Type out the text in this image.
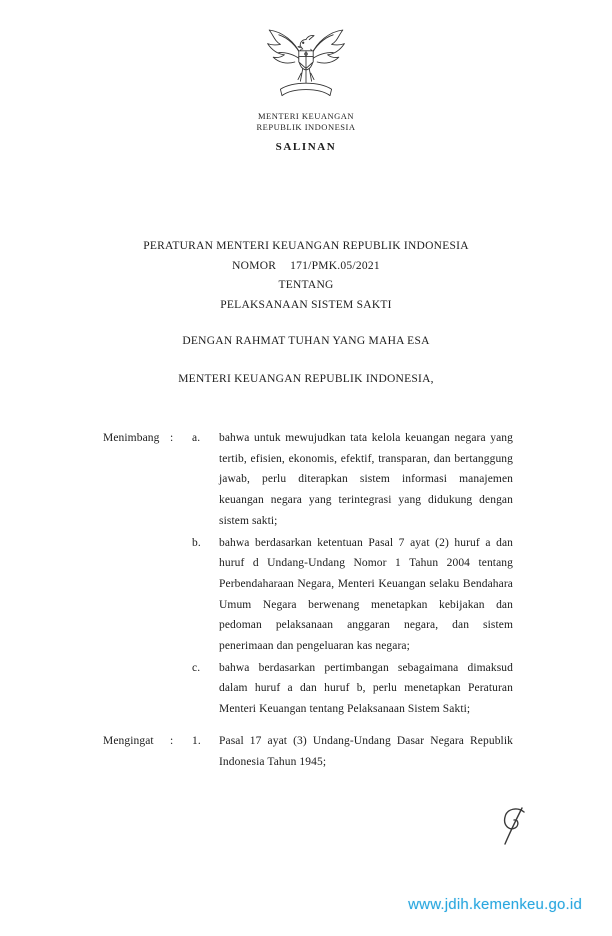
MENTERI KEUANGAN
REPUBLIK INDONESIA
SALINAN
PERATURAN MENTERI KEUANGAN REPUBLIK INDONESIA
NOMOR 171/PMK.05/2021
TENTANG
PELAKSANAAN SISTEM SAKTI
DENGAN RAHMAT TUHAN YANG MAHA ESA
MENTERI KEUANGAN REPUBLIK INDONESIA,
Menimbang :	a.	bahwa untuk mewujudkan tata kelola keuangan negara yang tertib, efisien, ekonomis, efektif, transparan, dan bertanggung jawab, perlu diterapkan sistem informasi manajemen keuangan negara yang terintegrasi yang didukung dengan sistem sakti;
b.	bahwa berdasarkan ketentuan Pasal 7 ayat (2) huruf a dan huruf d Undang-Undang Nomor 1 Tahun 2004 tentang Perbendaharaan Negara, Menteri Keuangan selaku Bendahara Umum Negara berwenang menetapkan kebijakan dan pedoman pelaksanaan anggaran negara, dan sistem penerimaan dan pengeluaran kas negara;
c.	bahwa berdasarkan pertimbangan sebagaimana dimaksud dalam huruf a dan huruf b, perlu menetapkan Peraturan Menteri Keuangan tentang Pelaksanaan Sistem Sakti;
Mengingat	:	1.	Pasal 17 ayat (3) Undang-Undang Dasar Negara Republik Indonesia Tahun 1945;
www.jdih.kemenkeu.go.id
